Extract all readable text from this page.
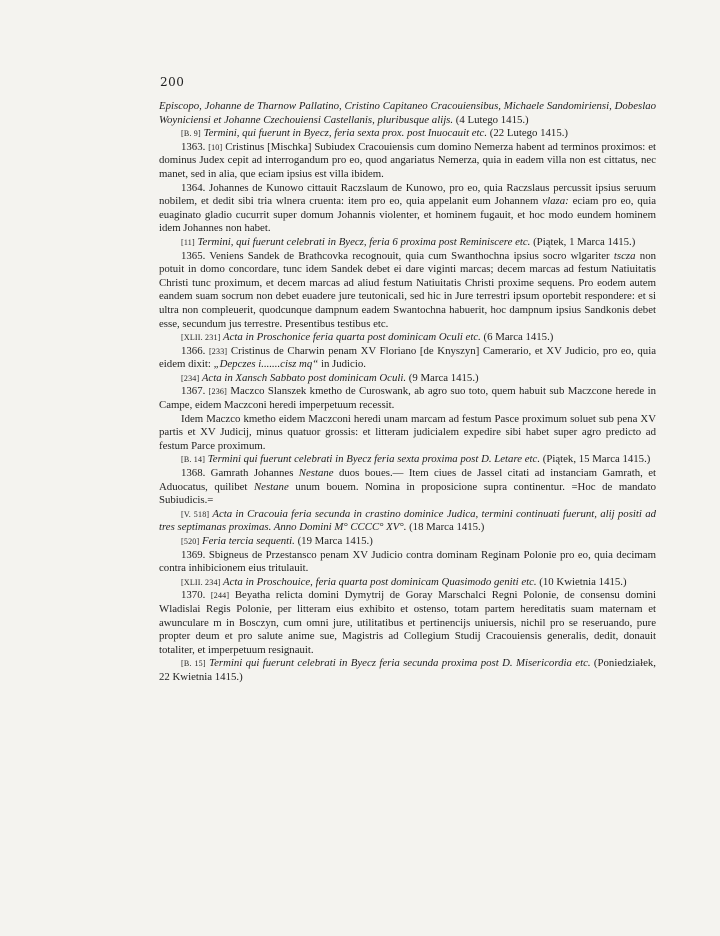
200

Episcopo, Johanne de Tharnow Pallatino, Cristino Capitaneo Cracouiensibus, Michaele Sandomiriensi, Dobeslao Woyniciensi et Johanne Czechouiensi Castellanis, pluribusque alijs. (4 Lutego 1415.)

[B. 9] Termini, qui fuerunt in Byecz, feria sexta prox. post Inuocauit etc. (22 Lutego 1415.)

1363. [10] Cristinus [Mischka] Subiudex Cracouiensis cum domino Nemerza habent ad terminos proximos: et dominus Judex cepit ad interrogandum pro eo, quod angariatus Nemerza, quia in eadem villa non est cittatus, nec manet, sed in alia, que eciam ipsius est villa ibidem.

1364. Johannes de Kunowo cittauit Raczslaum de Kunowo, pro eo, quia Raczslaus percussit ipsius seruum nobilem, et dedit sibi tria wlnera cruenta: item pro eo, quia appelanit eum Johannem vlaza: eciam pro eo, quia euaginato gladio cucurrit super domum Johannis violenter, et hominem fugauit, et hoc modo eundem hominem idem Johannes non habet.

[11] Termini, qui fuerunt celebrati in Byecz, feria 6 proxima post Reminiscere etc. (Piątek, 1 Marca 1415.)

1365. Veniens Sandek de Brathcovka recognouit, quia cum Swanthochna ipsius socro wlgariter tscza non potuit in domo concordare, tunc idem Sandek debet ei dare viginti marcas; decem marcas ad festum Natiuitatis Christi tunc proximum, et decem marcas ad aliud festum Natiuitatis Christi proxime sequens. Pro eodem autem eandem suam socrum non debet euadere jure teutonicali, sed hic in Jure terrestri ipsum oportebit respondere: et si ultra non compleuerit, quodcunque dampnum eadem Swantochna habuerit, hoc dampnum ipsius Sandkonis debet esse, secundum jus terrestre. Presentibus testibus etc.

[XLII. 231] Acta in Proschonice feria quarta post dominicam Oculi etc. (6 Marca 1415.)

1366. [233] Cristinus de Charwin penam XV Floriano [de Knyszyn] Camerario, et XV Judicio, pro eo, quia eidem dixit: „Depczes i.......cisz mq“ in Judicio.

[234] Acta in Xansch Sabbato post dominicam Oculi. (9 Marca 1415.)

1367. [236] Maczco Slanszek kmetho de Curoswank, ab agro suo toto, quem habuit sub Maczcone herede in Campe, eidem Maczconi heredi imperpetuum recessit.

Idem Maczco kmetho eidem Maczconi heredi unam marcam ad festum Pasce proximum soluet sub pena XV partis et XV Judicij, minus quatuor grossis: et litteram judicialem expedire sibi habet super agro predicto ad festum Parce proximum.

[B. 14] Termini qui fuerunt celebrati in Byecz feria sexta proxima post D. Letare etc. (Piątek, 15 Marca 1415.)

1368. Gamrath Johannes Nestane duos boues.— Item ciues de Jassel citati ad instanciam Gamrath, et Aduocatus, quilibet Nestane unum bouem. Nomina in proposicione supra continentur. =Hoc de mandato Subiudicis.=

[V. 518] Acta in Cracouia feria secunda in crastino dominice Judica, termini continuati fuerunt, alij positi ad tres septimanas proximas. Anno Domini M° CCCC° XV°. (18 Marca 1415.)

[520] Feria tercia sequenti. (19 Marca 1415.)

1369. Sbigneus de Przestansco penam XV Judicio contra dominam Reginam Polonie pro eo, quia decimam contra inhibicionem eius tritulauit.

[XLII. 234] Acta in Proschouice, feria quarta post dominicam Quasimodo geniti etc. (10 Kwietnia 1415.)

1370. [244] Beyatha relicta domini Dymytrij de Goray Marschalci Regni Polonie, de consensu domini Wladislai Regis Polonie, per litteram eius exhibito et ostenso, totam partem hereditatis suam maternam et awunculare m in Bosczyn, cum omni jure, utilitatibus et pertinencijs uniuersis, nichil pro se reseruando, pure propter deum et pro salute anime sue, Magistris ad Collegium Studij Cracouiensis generalis, dedit, donauit totaliter, et imperpetuum resignauit.

[B. 15] Termini qui fuerunt celebrati in Byecz feria secunda proxima post D. Misericordia etc. (Poniedziałek, 22 Kwietnia 1415.)
